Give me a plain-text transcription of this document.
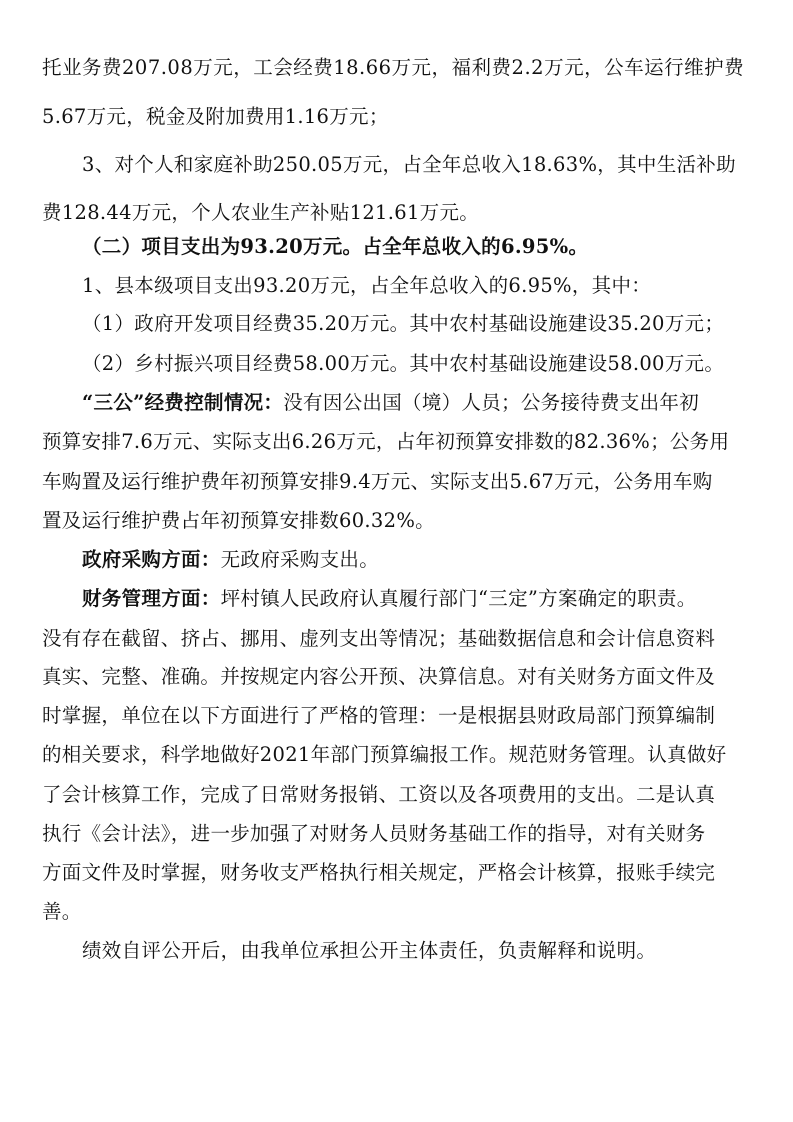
托业务费207.08万元，工会经费18.66万元，福利费2.2万元，公车运行维护费
5.67万元，税金及附加费用1.16万元；
3、对个人和家庭补助250.05万元，占全年总收入18.63%，其中生活补助
费128.44万元，个人农业生产补贴121.61万元。
（二）项目支出为93.20万元。占全年总收入的6.95%。
1、县本级项目支出93.20万元，占全年总收入的6.95%，其中：
（1）政府开发项目经费35.20万元。其中农村基础设施建设35.20万元；
（2）乡村振兴项目经费58.00万元。其中农村基础设施建设58.00万元。
“三公”经费控制情况：没有因公出国（境）人员；公务接待费支出年初
预算安排7.6万元、实际支出6.26万元，占年初预算安排数的82.36%；公务用
车购置及运行维护费年初预算安排9.4万元、实际支出5.67万元，公务用车购
置及运行维护费占年初预算安排数60.32%。
政府采购方面：无政府采购支出。
财务管理方面：坪村镇人民政府认真履行部门“三定”方案确定的职责。
没有存在截留、挤占、挪用、虚列支出等情况；基础数据信息和会计信息资料
真实、完整、准确。并按规定内容公开预、决算信息。对有关财务方面文件及
时掌握，单位在以下方面进行了严格的管理：一是根据县财政局部门预算编制
的相关要求，科学地做好2021年部门预算编报工作。规范财务管理。认真做好
了会计核算工作，完成了日常财务报销、工资以及各项费用的支出。二是认真
执行《会计法》，进一步加强了对财务人员财务基础工作的指导，对有关财务
方面文件及时掌握，财务收支严格执行相关规定，严格会计核算，报账手续完
善。
绩效自评公开后，由我单位承担公开主体责任，负责解释和说明。
